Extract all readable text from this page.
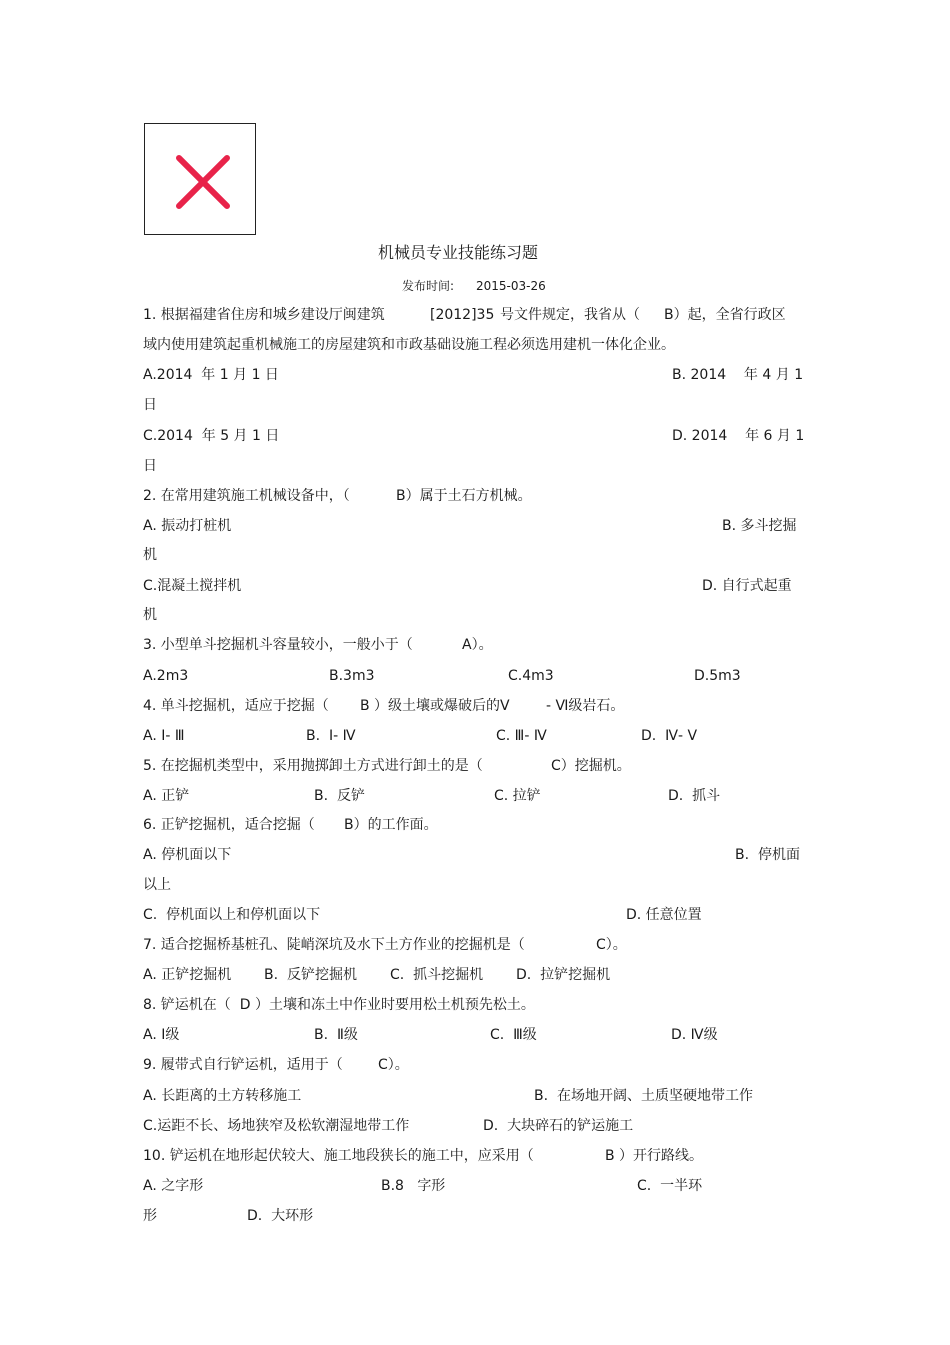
机械员专业技能练习题
发布时间: 2015-03-26
1. 根据福建省住房和城乡建设厅闽建筑	[2012]35 号文件规定，我省从（ B）起，全省行政区
域内使用建筑起重机械施工的房屋建筑和市政基础设施工程必须选用建机一体化企业。
A.2014  年 1 月 1 日	B. 2014    年 4 月 1
日
C.2014  年 5 月 1 日	D. 2014    年 6 月 1
日
2. 在常用建筑施工机械设备中，（	B）属于土石方机械。
A. 振动打桩机	B. 多斗挖掘
机
C.混凝土搅拌机	D. 自行式起重
机
3. 小型单斗挖掘机斗容量较小，一般小于（	A）。
A.2m3	B.3m3	C.4m3	D.5m3
4. 单斗挖掘机，适应于挖掘（ B ）级土壤或爆破后的Ⅴ	- Ⅵ级岩石。
A. Ⅰ- Ⅲ	B.  Ⅰ- Ⅳ	C. Ⅲ- Ⅳ	D.  Ⅳ- Ⅴ
5. 在挖掘机类型中，采用抛掷卸土方式进行卸土的是（	C）挖掘机。
A. 正铲	B.  反铲	C. 拉铲	D.  抓斗
6. 正铲挖掘机，适合挖掘（ B）的工作面。
A. 停机面以下	B.  停机面
以上
C.  停机面以上和停机面以下	D. 任意位置
7. 适合挖掘桥基桩孔、陡峭深坑及水下土方作业的挖掘机是（	C）。
A. 正铲挖掘机 B.  反铲挖掘机 C.  抓斗挖掘机 D.  拉铲挖掘机
8. 铲运机在（  D ）土壤和冻土中作业时要用松土机预先松土。
A. Ⅰ级	B.  Ⅱ级	C.  Ⅲ级	D. Ⅳ级
9. 履带式自行铲运机，适用于（	C）。
A. 长距离的土方转移施工	B.  在场地开阔、土质坚硬地带工作
C.运距不长、场地狭窄及松软潮湿地带工作	D.  大块碎石的铲运施工
10. 铲运机在地形起伏较大、施工地段狭长的施工中，应采用（	B ）开行路线。
A. 之字形	B.8   字形	C.  一半环
形	D.  大环形
